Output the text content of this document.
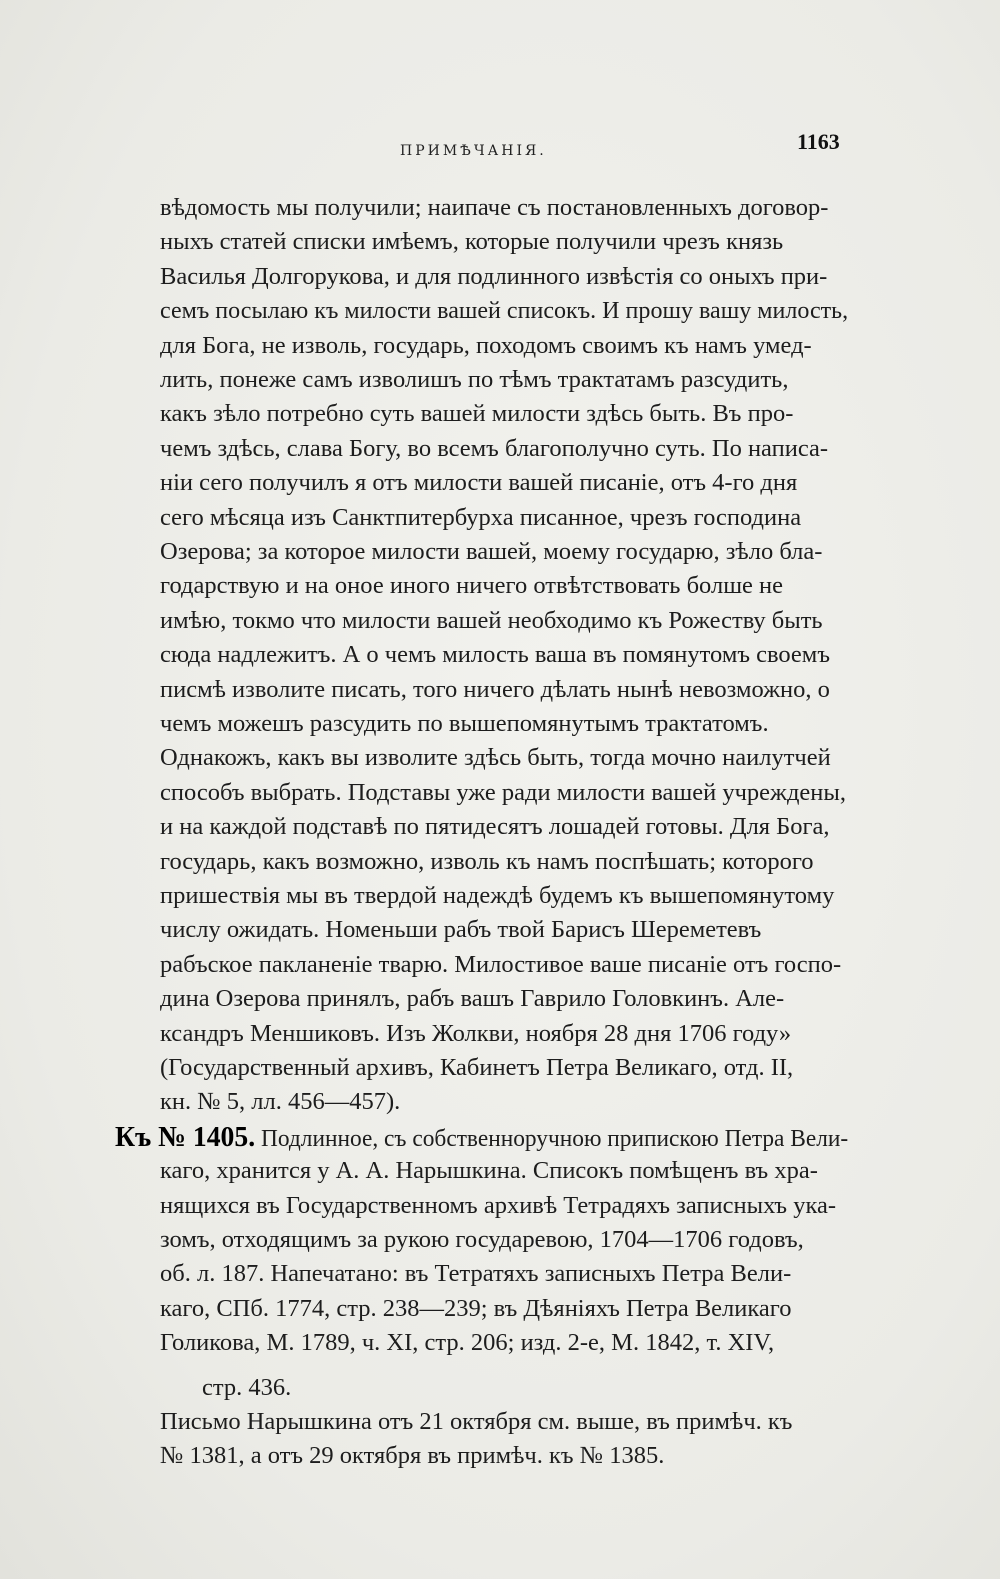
ПРИМѢЧАНІЯ.	1163
вѣдомость мы получили; наипаче съ постановленныхъ договор-
ныхъ статей списки имѣемъ, которые получили чрезъ князь
Василья Долгорукова, и для подлинного извѣстія со оныхъ при-
семъ посылаю къ милости вашей списокъ. И прошу вашу милость,
для Бога, не изволь, государь, походомъ своимъ къ намъ умед-
лить, понеже самъ изволишъ по тѣмъ трактатамъ разсудить,
какъ зѣло потребно суть вашей милости здѣсь быть. Въ про-
чемъ здѣсь, слава Богу, во всемъ благополучно суть. По написа-
ніи сего получилъ я отъ милости вашей писаніе, отъ 4-го дня
сего мѣсяца изъ Санктпитербурха писанное, чрезъ господина
Озерова; за которое милости вашей, моему государю, зѣло бла-
годарствую и на оное иного ничего отвѣтствовать болше не
имѣю, токмо что милости вашей необходимо къ Рожеству быть
сюда надлежитъ. А о чемъ милость ваша въ помянутомъ своемъ
писмѣ изволите писать, того ничего дѣлать нынѣ невозможно, о
чемъ можешъ разсудить по вышепомянутымъ трактатомъ.
Однакожъ, какъ вы изволите здѣсь быть, тогда мочно наилутчей
способъ выбрать. Подставы уже ради милости вашей учреждены,
и на каждой подставѣ по пятидесятъ лошадей готовы. Для Бога,
государь, какъ возможно, изволь къ намъ поспѣшать; которого
пришествія мы въ твердой надеждѣ будемъ къ вышепомянутому
числу ожидать. Номеньши рабъ твой Барисъ Шереметевъ
рабъское пакланеніе тварю. Милостивое ваше писаніе отъ госпо-
дина Озерова принялъ, рабъ вашъ Гаврило Головкинъ. Але-
ксандръ Меншиковъ. Изъ Жолкви, ноября 28 дня 1706 году»
(Государственный архивъ, Кабинетъ Петра Великаго, отд. II,
кн. № 5, лл. 456—457).
Къ № 1405. Подлинное, съ собственноручною припискою Петра Вели-
каго, хранится у А. А. Нарышкина. Списокъ помѣщенъ въ хра-
нящихся въ Государственномъ архивѣ Тетрадяхъ записныхъ ука-
зомъ, отходящимъ за рукою государевою, 1704—1706 годовъ,
об. л. 187. Напечатано: въ Тетратяхъ записныхъ Петра Вели-
каго, СПб. 1774, стр. 238—239; въ Дѣяніяхъ Петра Великаго
Голикова, М. 1789, ч. XI, стр. 206; изд. 2-е, М. 1842, т. XIV,
стр. 436.
Письмо Нарышкина отъ 21 октября см. выше, въ примѣч. къ
№ 1381, а отъ 29 октября въ примѣч. къ № 1385.
